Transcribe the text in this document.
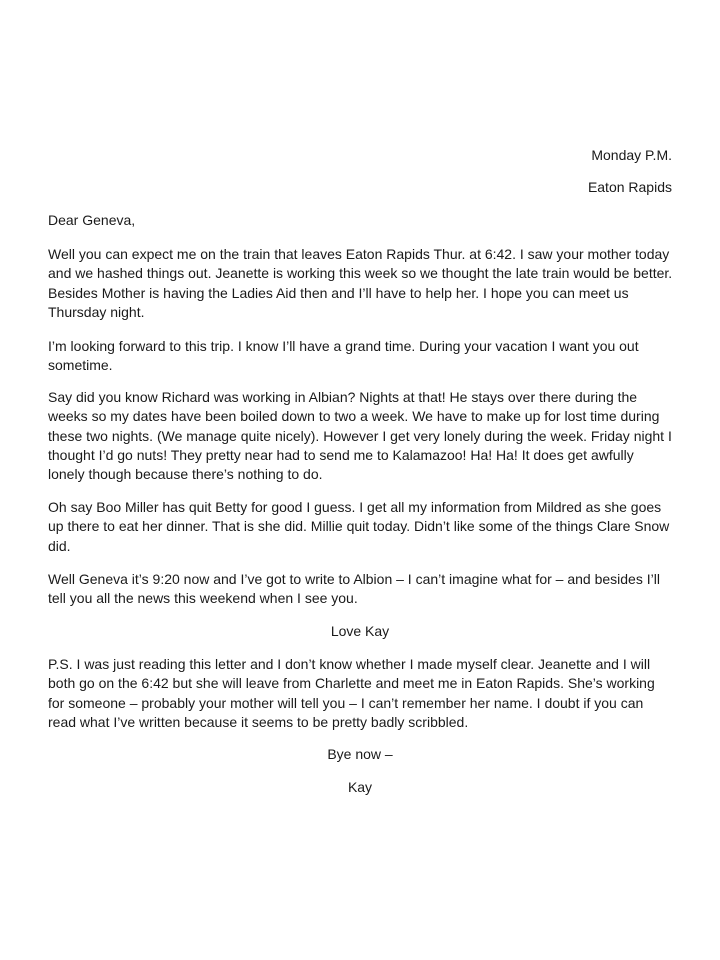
Monday P.M.
Eaton Rapids
Dear Geneva,

Well you can expect me on the train that leaves Eaton Rapids Thur. at 6:42. I saw your mother today and we hashed things out. Jeanette is working this week so we thought the late train would be better. Besides Mother is having the Ladies Aid then and I’ll have to help her. I hope you can meet us Thursday night.

I’m looking forward to this trip. I know I’ll have a grand time. During your vacation I want you out sometime.

Say did you know Richard was working in Albian? Nights at that! He stays over there during the weeks so my dates have been boiled down to two a week. We have to make up for lost time during these two nights. (We manage quite nicely). However I get very lonely during the week. Friday night I thought I’d go nuts! They pretty near had to send me to Kalamazoo! Ha! Ha! It does get awfully lonely though because there’s nothing to do.

Oh say Boo Miller has quit Betty for good I guess. I get all my information from Mildred as she goes up there to eat her dinner. That is she did. Millie quit today. Didn’t like some of the things Clare Snow did.

Well Geneva it’s 9:20 now and I’ve got to write to Albion – I can’t imagine what for – and besides I’ll tell you all the news this weekend when I see you.

Love Kay

P.S. I was just reading this letter and I don’t know whether I made myself clear. Jeanette and I will both go on the 6:42 but she will leave from Charlette and meet me in Eaton Rapids. She’s working for someone – probably your mother will tell you – I can’t remember her name. I doubt if you can read what I’ve written because it seems to be pretty badly scribbled.

Bye now –
Kay
